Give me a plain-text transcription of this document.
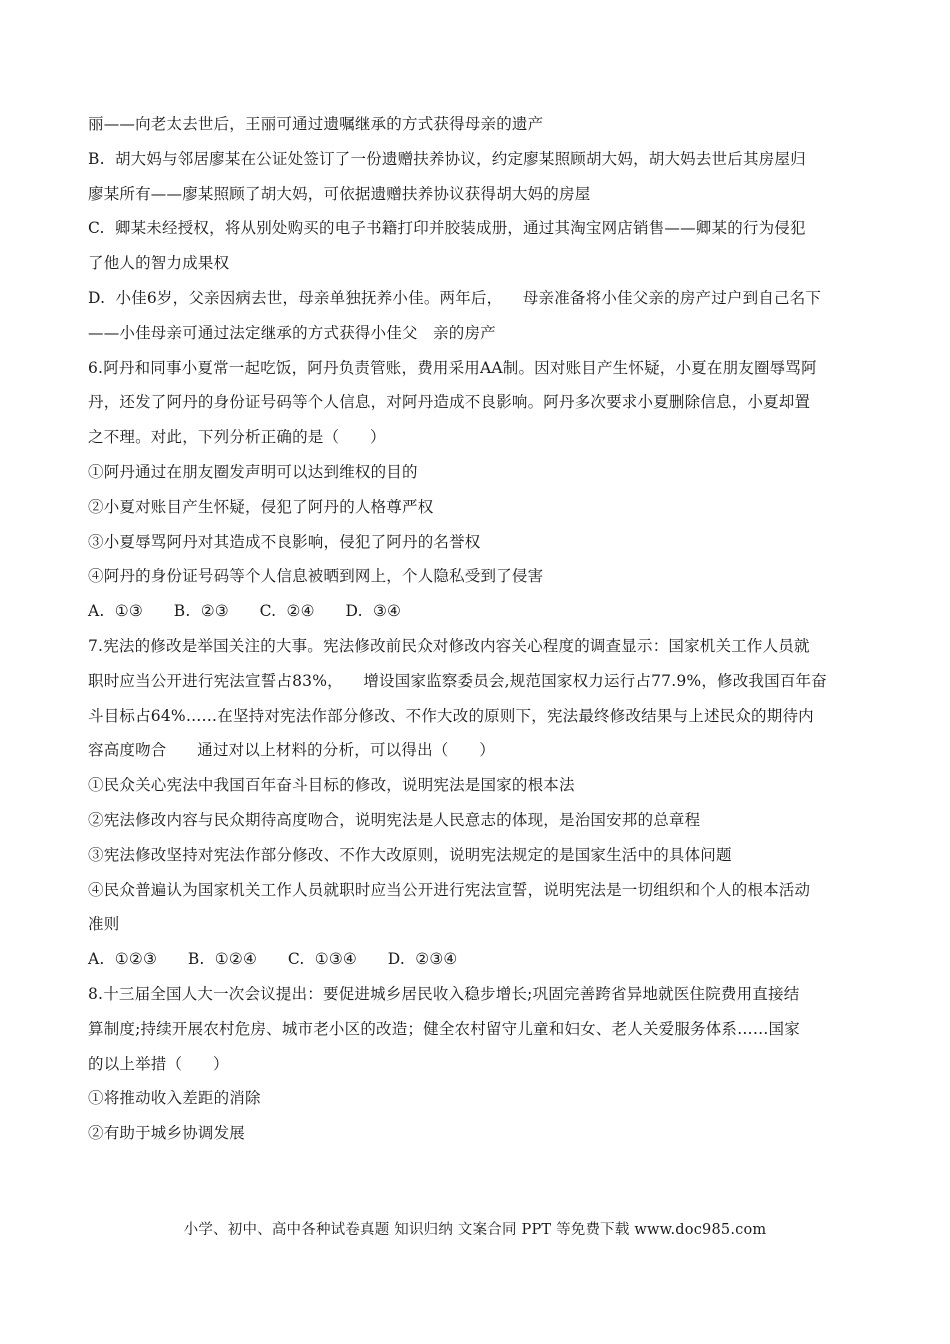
丽——向老太去世后，王丽可通过遗嘱继承的方式获得母亲的遗产
B.  胡大妈与邻居廖某在公证处签订了一份遗赠扶养协议，约定廖某照顾胡大妈，胡大妈去世后其房屋归
廖某所有——廖某照顾了胡大妈，可依据遗赠扶养协议获得胡大妈的房屋
C.  卿某未经授权，将从别处购买的电子书籍打印并胶装成册，通过其淘宝网店销售——卿某的行为侵犯
了他人的智力成果权
D.  小佳6岁，父亲因病去世，母亲单独抚养小佳。两年后，    母亲准备将小佳父亲的房产过户到自己名下
——小佳母亲可通过法定继承的方式获得小佳父   亲的房产
6.阿丹和同事小夏常一起吃饭，阿丹负责管账，费用采用AA制。因对账目产生怀疑，小夏在朋友圈辱骂阿
丹，还发了阿丹的身份证号码等个人信息，对阿丹造成不良影响。阿丹多次要求小夏删除信息，小夏却置
之不理。对此，下列分析正确的是（      ）
①阿丹通过在朋友圈发声明可以达到维权的目的
②小夏对账目产生怀疑，侵犯了阿丹的人格尊严权
③小夏辱骂阿丹对其造成不良影响，侵犯了阿丹的名誉权
④阿丹的身份证号码等个人信息被晒到网上，个人隐私受到了侵害
A.  ①③      B.  ②③      C.  ②④      D.  ③④
7.宪法的修改是举国关注的大事。宪法修改前民众对修改内容关心程度的调查显示：国家机关工作人员就
职时应当公开进行宪法宣誓占83%，    增设国家监察委员会,规范国家权力运行占77.9%，修改我国百年奋
斗目标占64%……在坚持对宪法作部分修改、不作大改的原则下，宪法最终修改结果与上述民众的期待内
容高度吻合      通过对以上材料的分析，可以得出（      ）
①民众关心宪法中我国百年奋斗目标的修改，说明宪法是国家的根本法
②宪法修改内容与民众期待高度吻合，说明宪法是人民意志的体现，是治国安邦的总章程
③宪法修改坚持对宪法作部分修改、不作大改原则，说明宪法规定的是国家生活中的具体问题
④民众普遍认为国家机关工作人员就职时应当公开进行宪法宣誓，说明宪法是一切组织和个人的根本活动
准则
A.  ①②③      B.  ①②④      C.  ①③④      D.  ②③④
8.十三届全国人大一次会议提出：要促进城乡居民收入稳步增长;巩固完善跨省异地就医住院费用直接结
算制度;持续开展农村危房、城市老小区的改造；健全农村留守儿童和妇女、老人关爱服务体系……国家
的以上举措（      ）
①将推动收入差距的消除
②有助于城乡协调发展
小学、初中、高中各种试卷真题 知识归纳 文案合同 PPT 等免费下载 www.doc985.com
